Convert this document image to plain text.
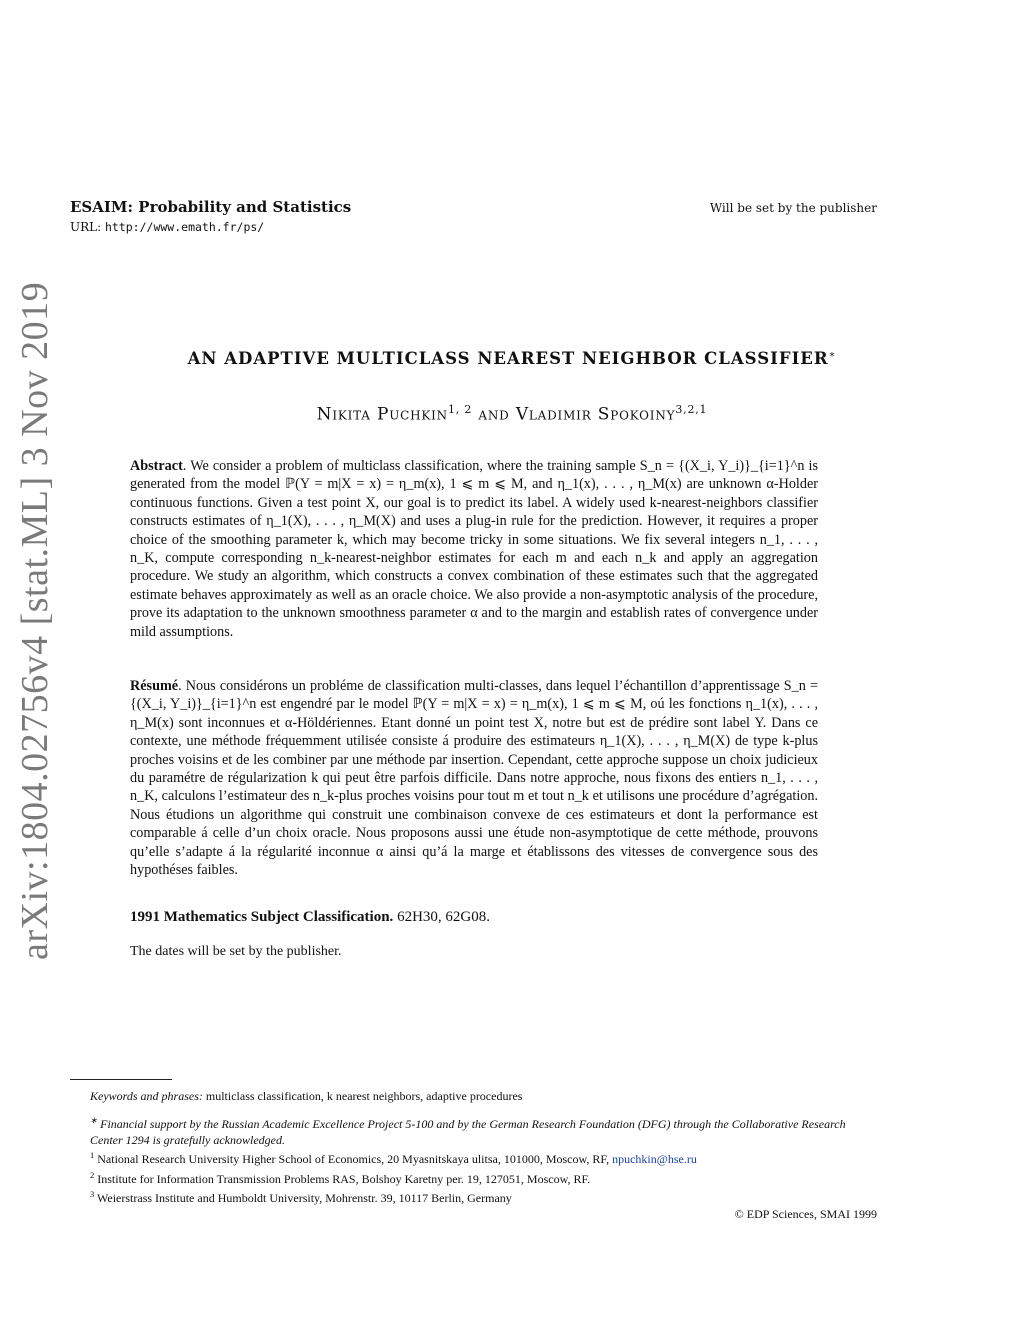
arXiv:1804.02756v4 [stat.ML] 3 Nov 2019
ESAIM: Probability and Statistics	Will be set by the publisher
URL: http://www.emath.fr/ps/
AN ADAPTIVE MULTICLASS NEAREST NEIGHBOR CLASSIFIER∗
Nikita Puchkin$^{1, 2}$ and Vladimir Spokoiny$^{3,2,1}$
Abstract. We consider a problem of multiclass classification, where the training sample S_n = {(X_i, Y_i)}_{i=1}^n is generated from the model ℙ(Y = m|X = x) = η_m(x), 1 ⩽ m ⩽ M, and η_1(x), . . . , η_M(x) are unknown α-Holder continuous functions. Given a test point X, our goal is to predict its label. A widely used k-nearest-neighbors classifier constructs estimates of η_1(X), . . . , η_M(X) and uses a plug-in rule for the prediction. However, it requires a proper choice of the smoothing parameter k, which may become tricky in some situations. We fix several integers n_1, . . . , n_K, compute corresponding n_k-nearest-neighbor estimates for each m and each n_k and apply an aggregation procedure. We study an algorithm, which constructs a convex combination of these estimates such that the aggregated estimate behaves approximately as well as an oracle choice. We also provide a non-asymptotic analysis of the procedure, prove its adaptation to the unknown smoothness parameter α and to the margin and establish rates of convergence under mild assumptions.
Résumé. Nous considérons un probléme de classification multi-classes, dans lequel l’échantillon d’apprentissage S_n = {(X_i, Y_i)}_{i=1}^n est engendré par le model ℙ(Y = m|X = x) = η_m(x), 1 ⩽ m ⩽ M, oú les fonctions η_1(x), . . . , η_M(x) sont inconnues et α-Höldériennes. Etant donné un point test X, notre but est de prédire sont label Y. Dans ce contexte, une méthode fréquemment utilisée consiste á produire des estimateurs η_1(X), . . . , η_M(X) de type k-plus proches voisins et de les combiner par une méthode par insertion. Cependant, cette approche suppose un choix judicieux du paramétre de régularization k qui peut être parfois difficile. Dans notre approche, nous fixons des entiers n_1, . . . , n_K, calculons l’estimateur des n_k-plus proches voisins pour tout m et tout n_k et utilisons une procédure d’agrégation. Nous étudions un algorithme qui construit une combinaison convexe de ces estimateurs et dont la performance est comparable á celle d’un choix oracle. Nous proposons aussi une étude non-asymptotique de cette méthode, prouvons qu’elle s’adapte á la régularité inconnue α ainsi qu’á la marge et établissons des vitesses de convergence sous des hypothéses faibles.
1991 Mathematics Subject Classification. 62H30, 62G08.
The dates will be set by the publisher.
Keywords and phrases: multiclass classification, k nearest neighbors, adaptive procedures
∗ Financial support by the Russian Academic Excellence Project 5-100 and by the German Research Foundation (DFG) through the Collaborative Research Center 1294 is gratefully acknowledged.
$^1$ National Research University Higher School of Economics, 20 Myasnitskaya ulitsa, 101000, Moscow, RF, npuchkin@hse.ru
$^2$ Institute for Information Transmission Problems RAS, Bolshoy Karetny per. 19, 127051, Moscow, RF.
$^3$ Weierstrass Institute and Humboldt University, Mohrenstr. 39, 10117 Berlin, Germany
© EDP Sciences, SMAI 1999
